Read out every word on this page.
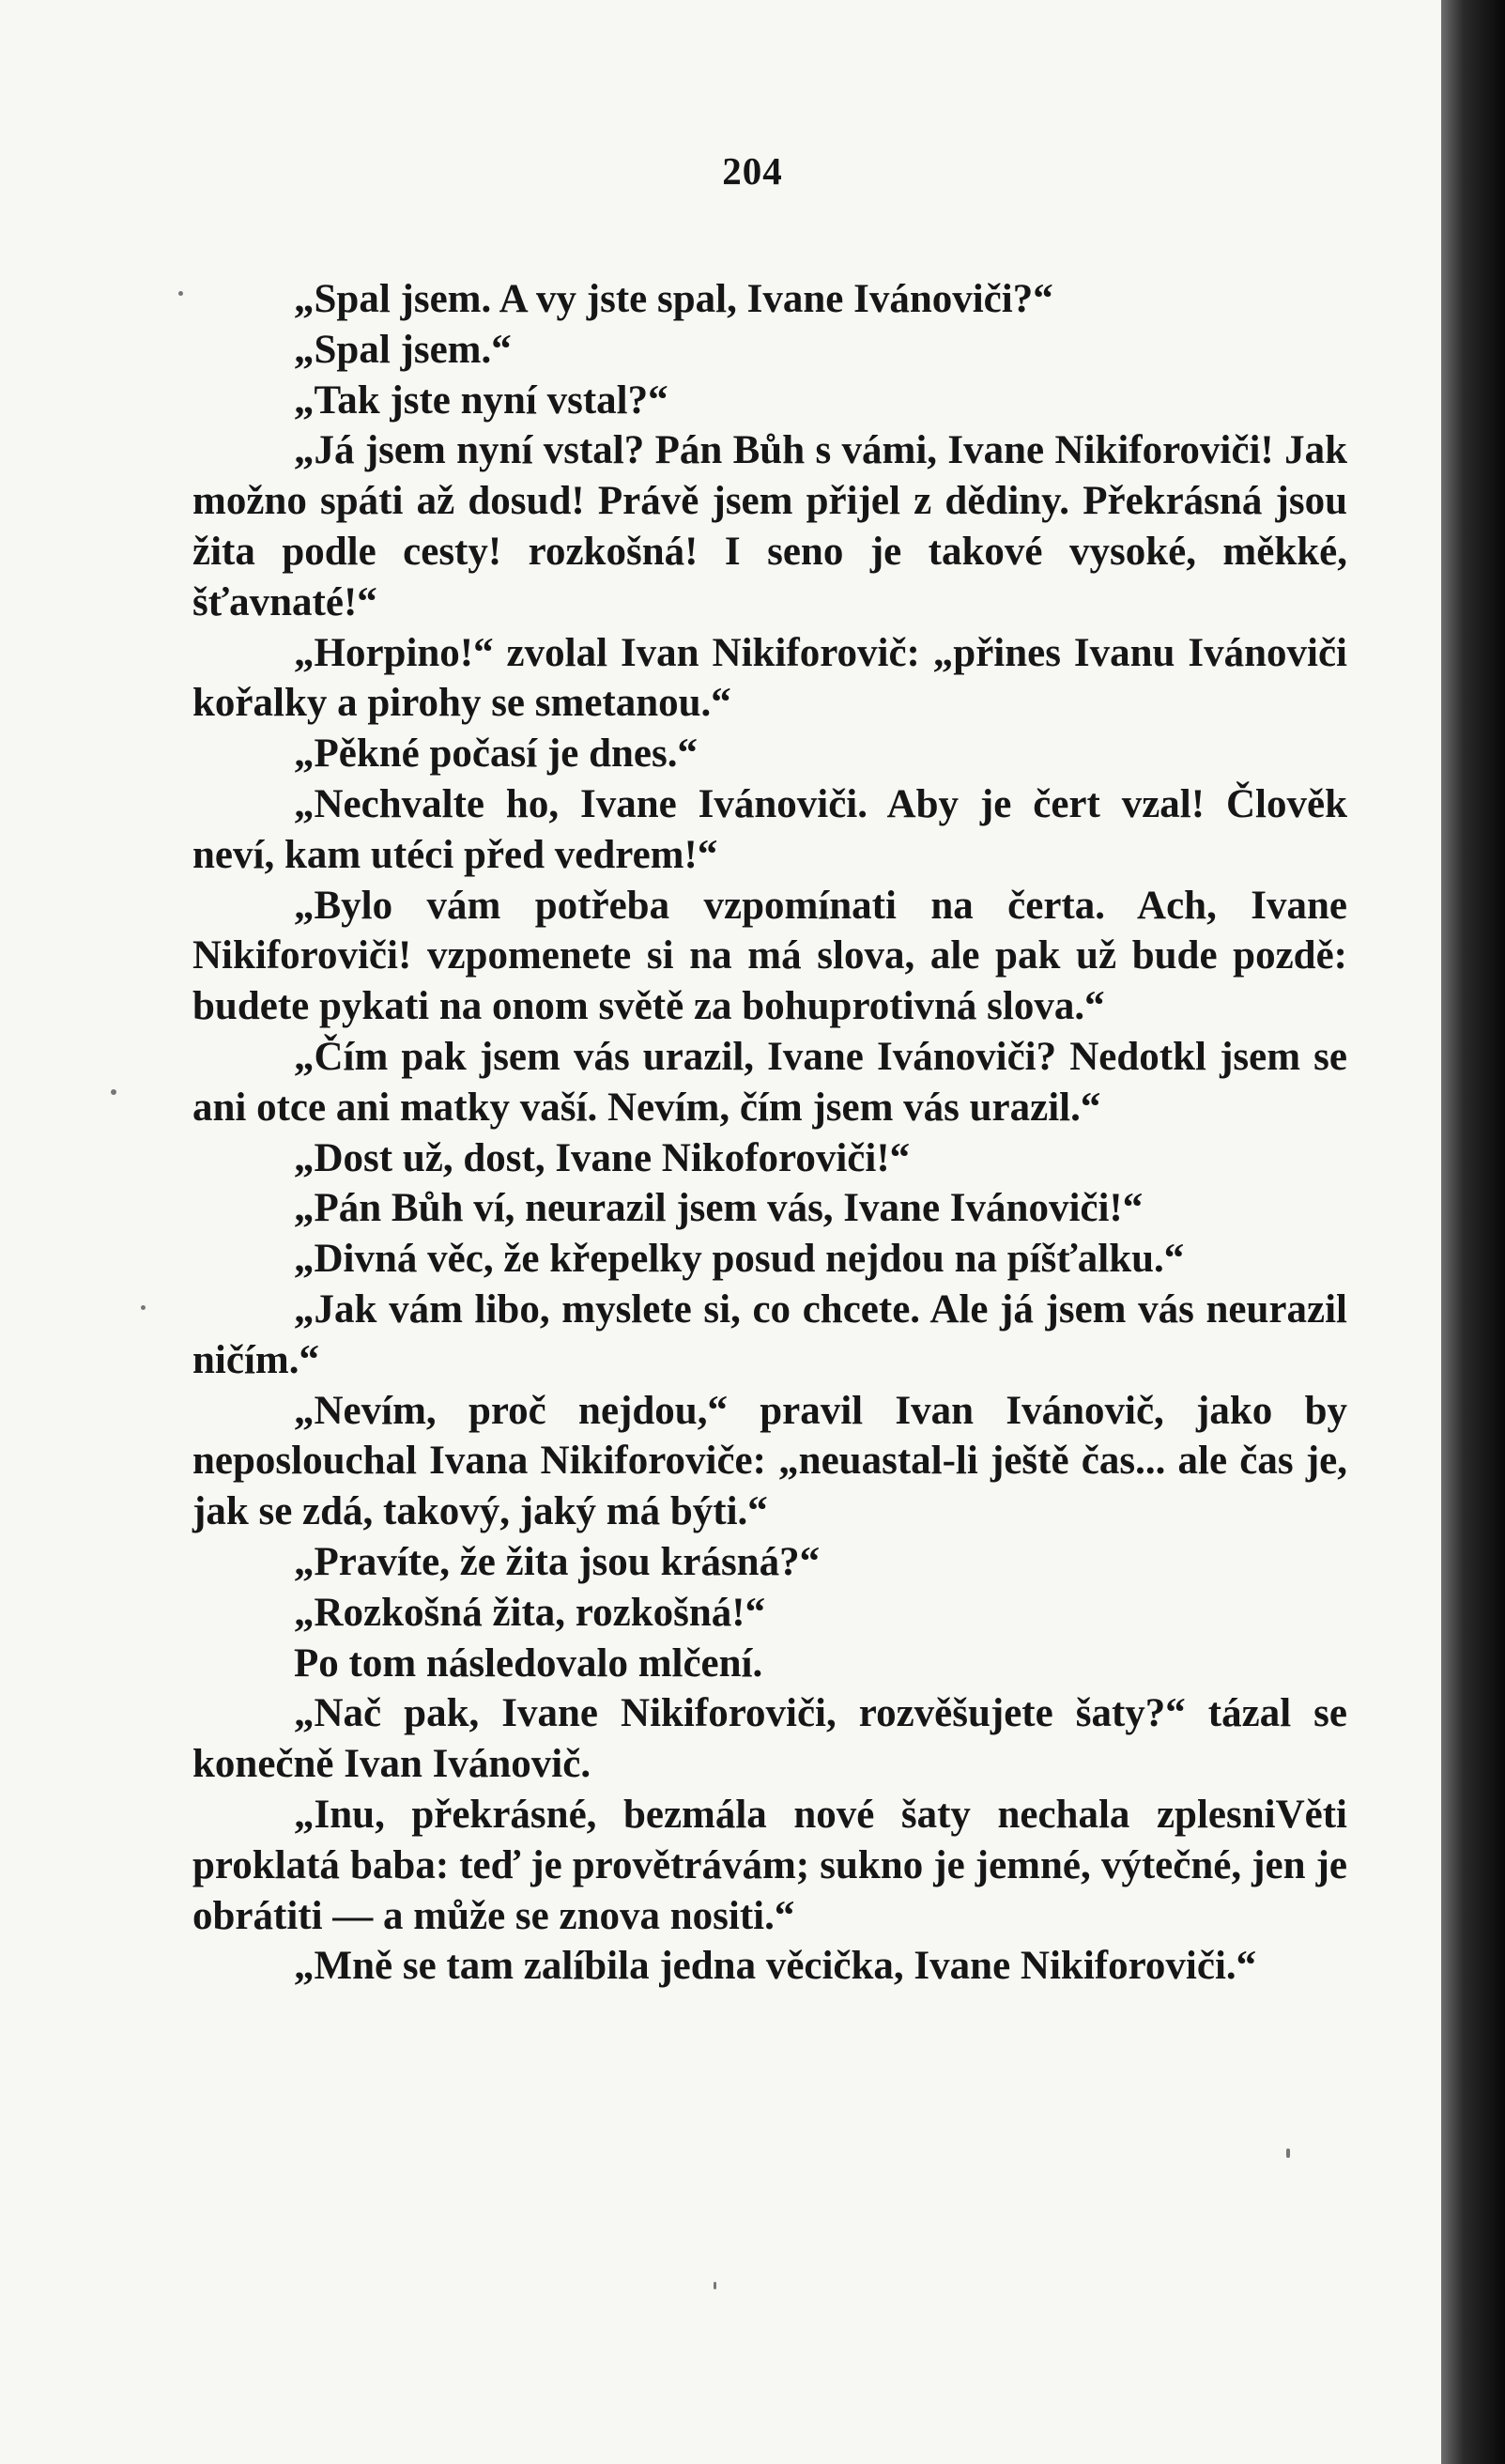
204

„Spal jsem. A vy jste spal, Ivane Ivánoviči?“

„Spal jsem.“

„Tak jste nyní vstal?“

„Já jsem nyní vstal? Pán Bůh s vámi, Ivane Nikiforoviči! Jak možno spáti až dosud! Právě jsem přijel z dědiny. Překrásná jsou žita podle cesty! rozkošná! I seno je takové vysoké, měkké, šťavnaté!“

„Horpino!“ zvolal Ivan Nikiforovič: „přines Ivanu Ivánoviči kořalky a pirohy se smetanou.“

„Pěkné počasí je dnes.“

„Nechvalte ho, Ivane Ivánoviči. Aby je čert vzal! Člověk neví, kam utéci před vedrem!“

„Bylo vám potřeba vzpomínati na čerta. Ach, Ivane Nikiforoviči! vzpomenete si na má slova, ale pak už bude pozdě: budete pykati na onom světě za bohuprotivná slova.“

„Čím pak jsem vás urazil, Ivane Ivánoviči? Nedotkl jsem se ani otce ani matky vaší. Nevím, čím jsem vás urazil.“

„Dost už, dost, Ivane Nikoforoviči!“

„Pán Bůh ví, neurazil jsem vás, Ivane Ivánoviči!“

„Divná věc, že křepelky posud nejdou na píšťalku.“

„Jak vám libo, myslete si, co chcete. Ale já jsem vás neurazil ničím.“

„Nevím, proč nejdou,“ pravil Ivan Ivánovič, jako by neposlouchal Ivana Nikiforoviče: „neuastal-li ještě čas... ale čas je, jak se zdá, takový, jaký má býti.“

„Pravíte, že žita jsou krásná?“

„Rozkošná žita, rozkošná!“

Po tom následovalo mlčení.

„Nač pak, Ivane Nikiforoviči, rozvěšujete šaty?“ tázal se konečně Ivan Ivánovič.

„Inu, překrásné, bezmála nové šaty nechala zplesniVěti proklatá baba: teď je provětrávám; sukno je jemné, výtečné, jen je obrátiti — a může se znova nositi.“

„Mně se tam zalíbila jedna věcička, Ivane Nikiforoviči.“
